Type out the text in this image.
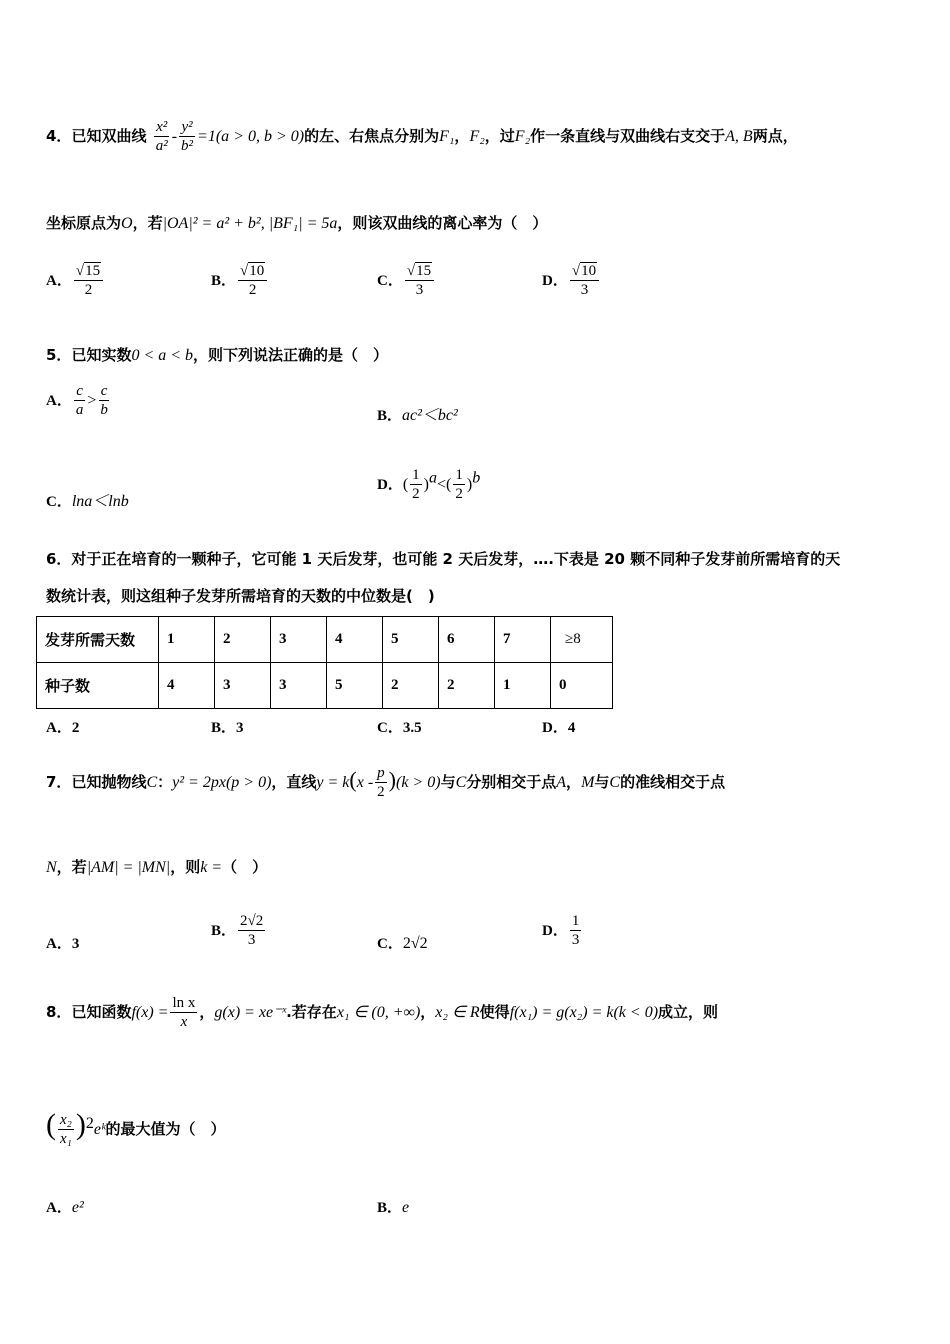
4．已知双曲线 $\frac{\text{x²}}{\text{a²}} - \frac{\text{y²}}{\text{b²}} =1(a > 0$, b > 0)的左、右焦点分别为F₁，F₂，过F₂作一条直线与双曲线右支交于A, B两点，
坐标原点为O，若|OA|² = a² + b², |BF₁| = 5a，则该双曲线的离心率为（　）
A． $\frac{√15}{2}$	B． $\frac{√10}{2}$	C． $\frac{√15}{3}$	D． $\frac{√10}{3}$
5．已知实数0 < a < b，则下列说法正确的是（　）
A． $\frac{c}{a} > \frac{c}{b}$	B．ac²＜bc²
C．lna＜lnb
D．( $\frac{1}{2} )^a<( \frac{1}{2} )^b$
6．对于正在培育的一颗种子，它可能 1 天后发芽，也可能 2 天后发芽，….下表是 20 颗不同种子发芽前所需培育的天
数统计表，则这组种子发芽所需培育的天数的中位数是(　)
发芽所需天数	1	2	3	4	5	6	7	≥8
种子数	4	3	3	5	2	2	1	0
A．2	B．3	C．3.5	D．4
7．已知抛物线C：y² = 2px(p > 0)，直线$y = k(x - \frac{p}{2} )(k > 0)$与C分别相交于点A，M与C的准线相交于点
N，若|AM| = |MN|，则k =（　）
A．3
B． $\frac{2√2}{3}$	C．2√2
D． $\frac{1}{3}$
8．已知函数$f(x) = \frac{\text{ln x}}{x}$ ，g(x) = xe⁻ˣ.若存在x₁ ∈ (0, +∞)，x₂ ∈ R使得f(x₁) = g(x₂) = k(k < 0)成立，则
( $\frac{\text{x₂}}{\text{x₁}}$ )$^2$eᵏ的最大值为（　）
A．e²	B．e
